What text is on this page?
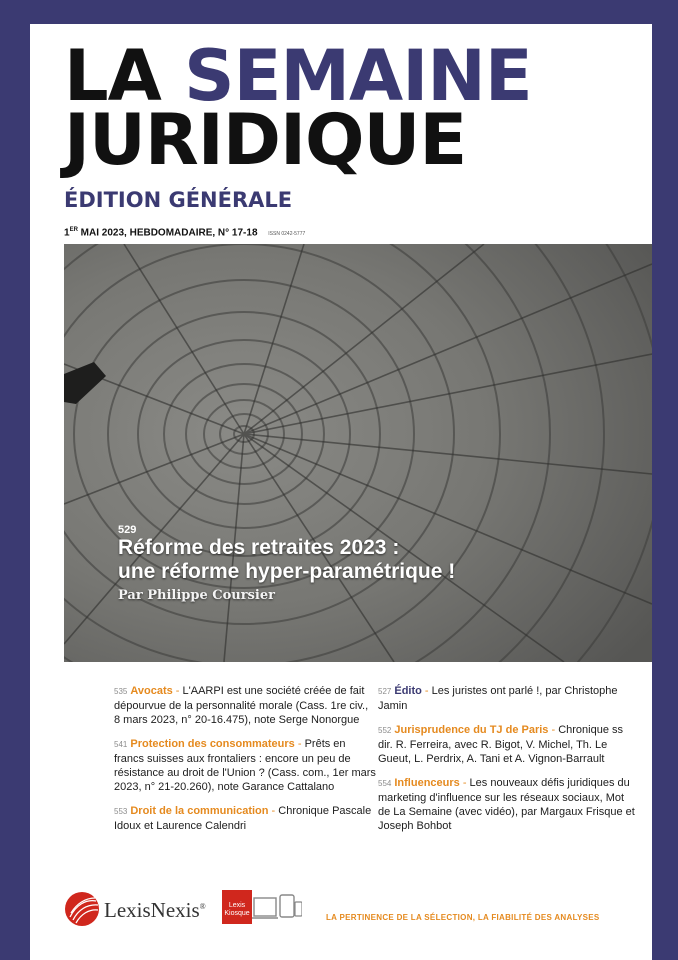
LA SEMAINE
JURIDIQUE
ÉDITION GÉNÉRALE
1ER MAI 2023, HEBDOMADAIRE, N° 17-18 ISSN 0242-5777
529
Réforme des retraites 2023 :
une réforme hyper-paramétrique !
Par Philippe Coursier
535 Avocats - L'AARPI est une société créée de fait dépourvue de la personnalité morale (Cass. 1re civ., 8 mars 2023, n° 20-16.475), note Serge Nonorgue
541 Protection des consommateurs - Prêts en francs suisses aux frontaliers : encore un peu de résistance au droit de l'Union ? (Cass. com., 1er mars 2023, n° 21-20.260), note Garance Cattalano
553 Droit de la communication - Chronique Pascale Idoux et Laurence Calendri
527 Édito - Les juristes ont parlé !, par Christophe Jamin
552 Jurisprudence du TJ de Paris - Chronique ss dir. R. Ferreira, avec R. Bigot, V. Michel, Th. Le Gueut, L. Perdrix, A. Tani et A. Vignon-Barrault
554 Influenceurs - Les nouveaux défis juridiques du marketing d'influence sur les réseaux sociaux, Mot de La Semaine (avec vidéo), par Margaux Frisque et Joseph Bohbot
LexisNexis®	Lexis
Kiosque	LA PERTINENCE DE LA SÉLECTION, LA FIABILITÉ DES ANALYSES
